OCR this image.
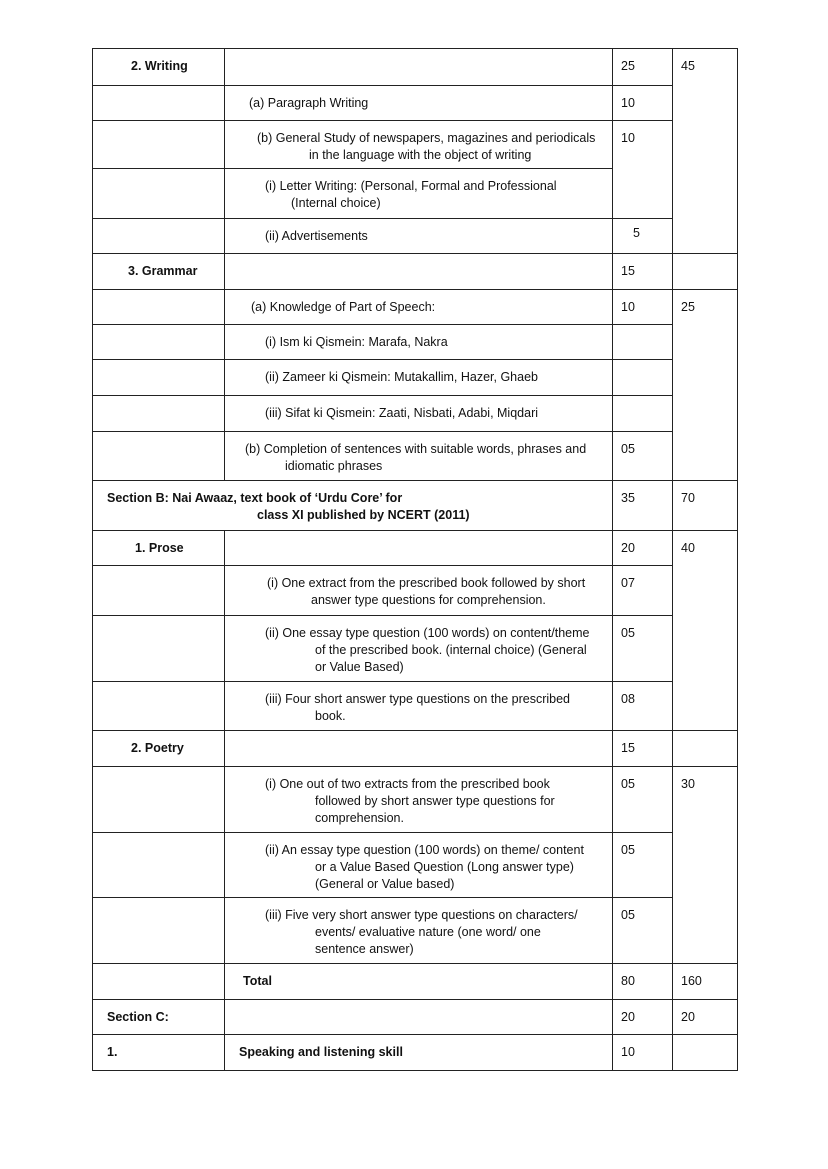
2. Writing		25	45
	(a) Paragraph Writing	10	

	(b) General Study of newspapers, magazines and periodicals
in the language with the object of writing	10	

	(i) Letter Writing: (Personal, Formal and Professional
(Internal choice)		

	(ii) Advertisements	5	
3. Grammar		15	
	(a) Knowledge of Part of Speech:	10	25
	(i) Ism ki Qismein: Marafa, Nakra		
	(ii) Zameer ki Qismein: Mutakallim, Hazer, Ghaeb		
	(iii) Sifat ki Qismein: Zaati, Nisbati, Adabi, Miqdari		

	(b) Completion of sentences with suitable words, phrases and
idiomatic phrases	05	

Section B: Nai Awaaz, text book of ‘Urdu Core’ for
class XI published by NCERT (2011)		35	70
1. Prose		20	40

	(i) One extract from the prescribed book followed by short
answer type questions for comprehension.	07	

	(ii) One essay type question (100 words) on content/theme
of the prescribed book. (internal choice) (General
or Value Based)	05	

	(iii) Four short answer type questions on the prescribed
book.	08	
2. Poetry		15	

	(i) One out of two extracts from the prescribed book
followed by short answer type questions for
comprehension.	05	30

	(ii) An essay type question (100 words) on theme/ content
or a Value Based Question (Long answer type)
(General or Value based)	05	

	(iii) Five very short answer type questions on characters/
events/ evaluative nature (one word/ one
sentence answer)	05	
	Total	80	160
Section C:		20	20
1.	Speaking and listening skill	10	
